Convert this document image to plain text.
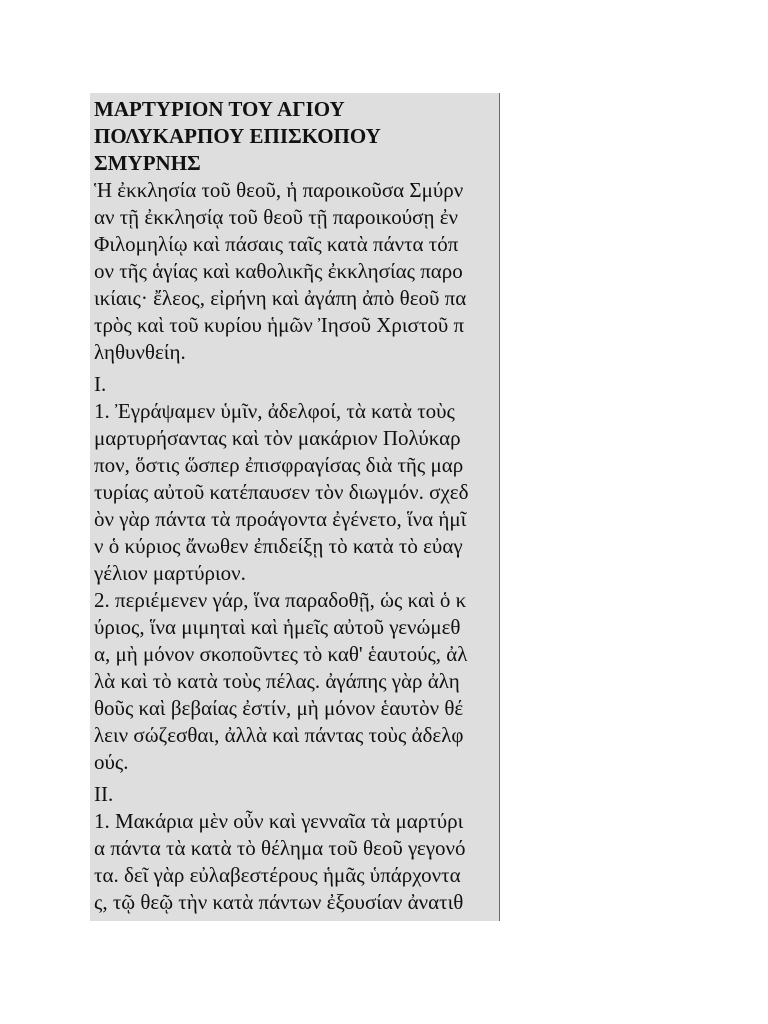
ΜΑΡΤΥΡΙΟΝ ΤΟΥ ΑΓΙΟΥ
ΠΟΛΥΚΑΡΠΟΥ ΕΠΙΣΚΟΠΟΥ
ΣΜΥΡΝΗΣ
Ἡ ἐκκλησία τοῦ θεοῦ, ἡ παροικοῦσα Σμύρν
αν τῇ ἐκκλησίᾳ τοῦ θεοῦ τῇ παροικούσῃ ἐν
Φιλομηλίῳ καὶ πάσαις ταῖς κατὰ πάντα τόπ
ον τῆς ἁγίας καὶ καθολικῆς ἐκκλησίας παρο
ικίαις· ἔλεος, εἰρήνη καὶ ἀγάπη ἀπὸ θεοῦ πα
τρὸς καὶ τοῦ κυρίου ἡμῶν Ἰησοῦ Χριστοῦ π
ληθυνθείη.
I.
1. Ἐγράψαμεν ὑμῖν, ἀδελφοί, τὰ κατὰ τοὺς
μαρτυρήσαντας καὶ τὸν μακάριον Πολύκαρ
πον, ὅστις ὥσπερ ἐπισφραγίσας διὰ τῆς μαρ
τυρίας αὐτοῦ κατέπαυσεν τὸν διωγμόν. σχεδ
ὸν γὰρ πάντα τὰ προάγοντα ἐγένετο, ἵνα ἡμῖ
ν ὁ κύριος ἄνωθεν ἐπιδείξῃ τὸ κατὰ τὸ εὐαγ
γέλιον μαρτύριον.
2. περιέμενεν γάρ, ἵνα παραδοθῇ, ὡς καὶ ὁ κ
ύριος, ἵνα μιμηταὶ καὶ ἡμεῖς αὐτοῦ γενώμεθ
α, μὴ μόνον σκοποῦντες τὸ καθ' ἑαυτούς, ἀλ
λὰ καὶ τὸ κατὰ τοὺς πέλας. ἀγάπης γὰρ ἀλη
θοῦς καὶ βεβαίας ἐστίν, μὴ μόνον ἑαυτὸν θέ
λειν σώζεσθαι, ἀλλὰ καὶ πάντας τοὺς ἀδελφ
ούς.
II.
1. Μακάρια μὲν οὖν καὶ γενναῖα τὰ μαρτύρι
α πάντα τὰ κατὰ τὸ θέλημα τοῦ θεοῦ γεγονό
τα. δεῖ γὰρ εὐλαβεστέρους ἡμᾶς ὑπάρχοντα
ς, τῷ θεῷ τὴν κατὰ πάντων ἐξουσίαν ἀνατιθ
